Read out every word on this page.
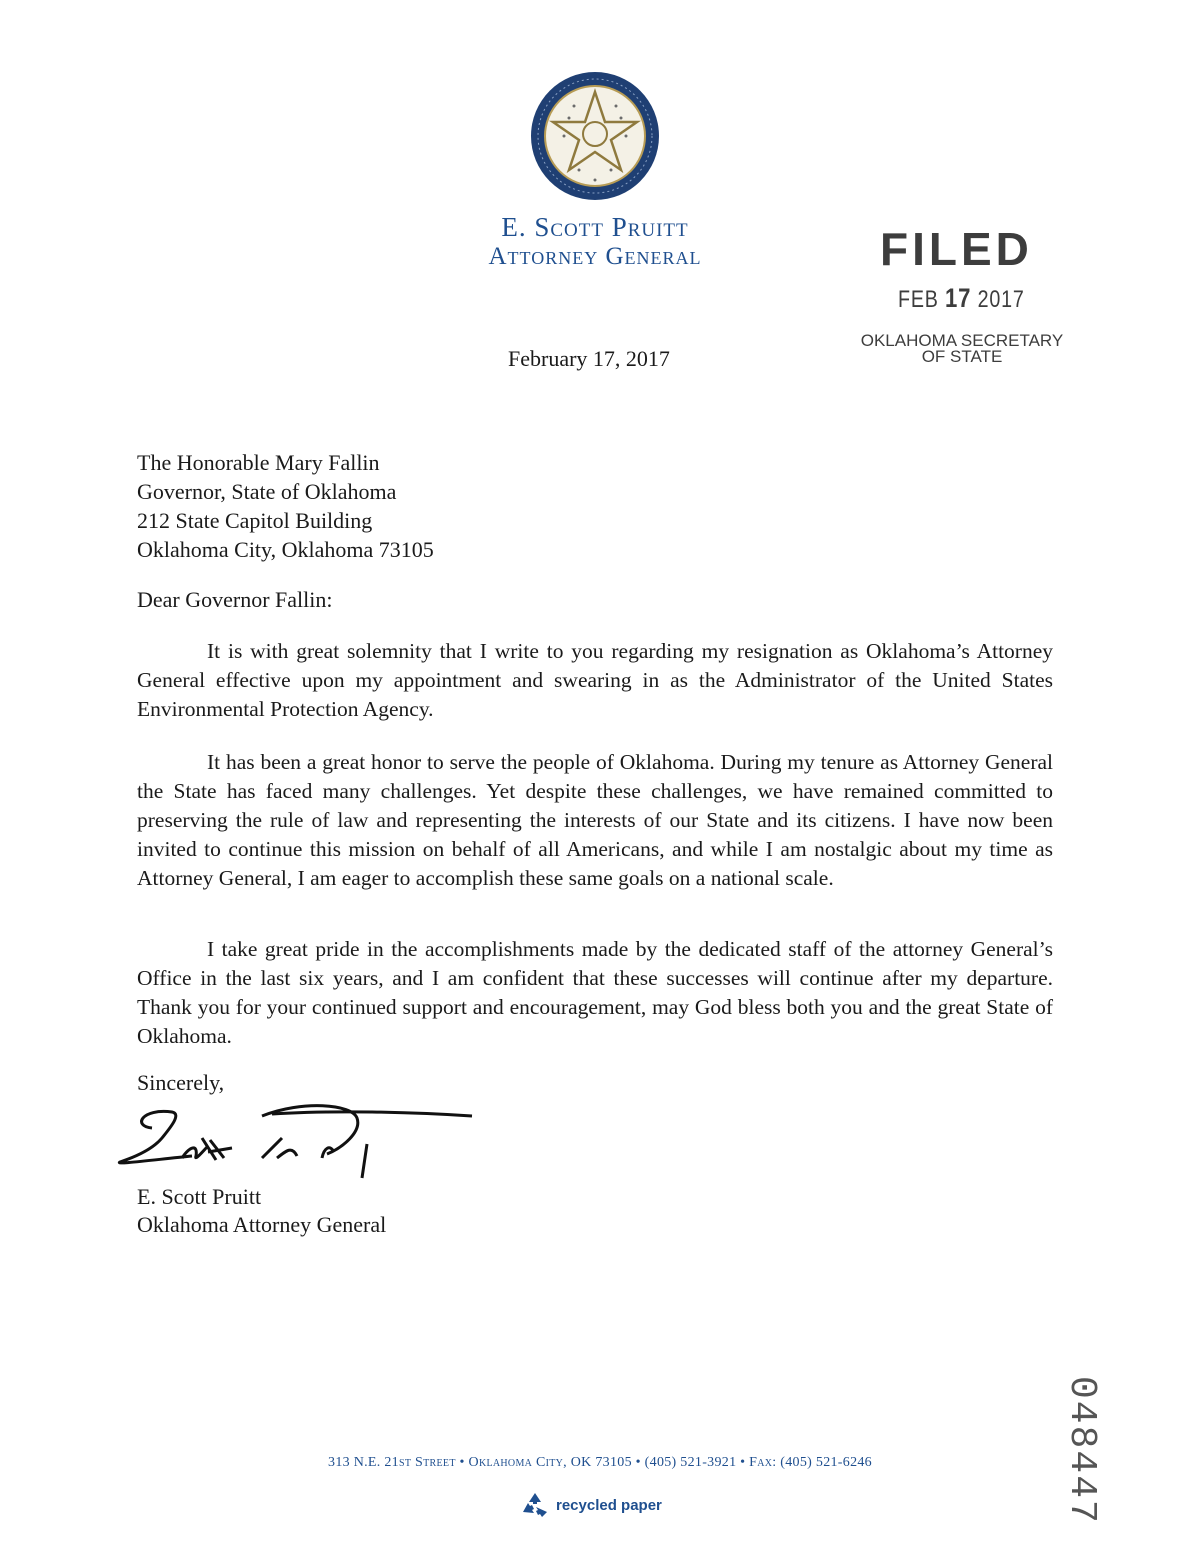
E. Scott Pruitt
Attorney General	FILED
FEB 17 2017
OKLAHOMA SECRETARY
OF STATE
February 17, 2017
The Honorable Mary Fallin
Governor, State of Oklahoma
212 State Capitol Building
Oklahoma City, Oklahoma 73105
Dear Governor Fallin:

It is with great solemnity that I write to you regarding my resignation as Oklahoma’s Attorney General effective upon my appointment and swearing in as the Administrator of the United States Environmental Protection Agency.

It has been a great honor to serve the people of Oklahoma. During my tenure as Attorney General the State has faced many challenges. Yet despite these challenges, we have remained committed to preserving the rule of law and representing the interests of our State and its citizens. I have now been invited to continue this mission on behalf of all Americans, and while I am nostalgic about my time as Attorney General, I am eager to accomplish these same goals on a national scale.

I take great pride in the accomplishments made by the dedicated staff of the attorney General’s Office in the last six years, and I am confident that these successes will continue after my departure. Thank you for your continued support and encouragement, may God bless both you and the great State of Oklahoma.

Sincerely,
E. Scott Pruitt
Oklahoma Attorney General
048447
313 N.E. 21st Street • Oklahoma City, OK 73105 • (405) 521-3921 • Fax: (405) 521-6246
recycled paper
